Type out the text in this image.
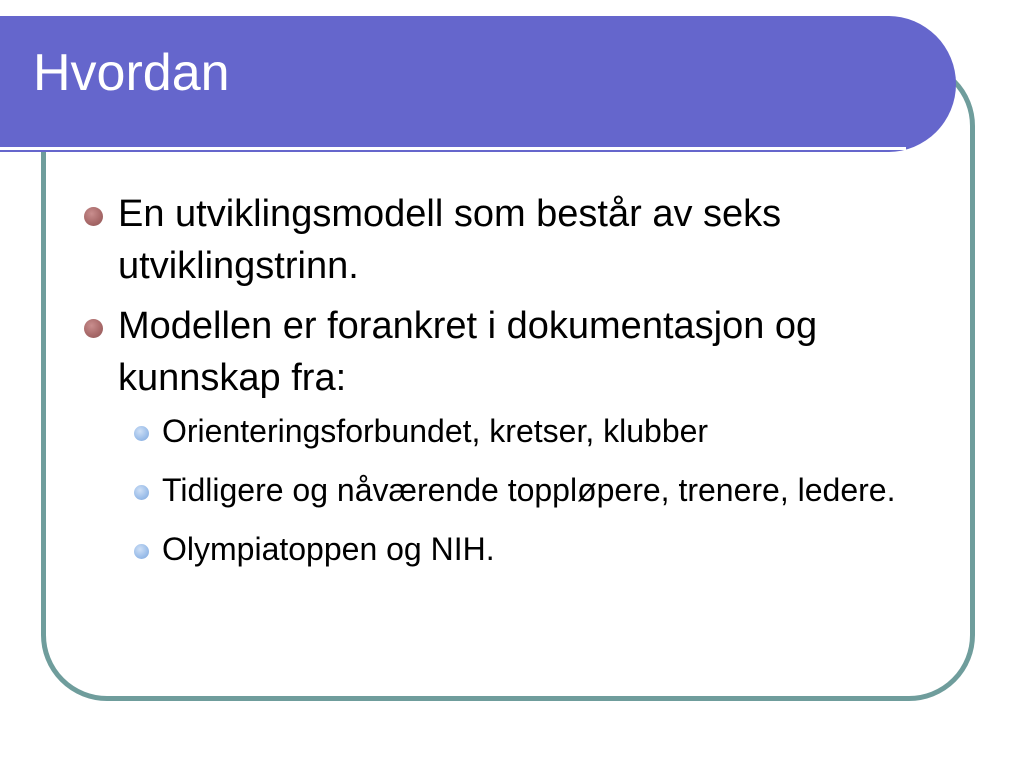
Hvordan
En utviklingsmodell som består av seks utviklingstrinn.
Modellen er forankret i dokumentasjon og kunnskap fra:
Orienteringsforbundet, kretser, klubber
Tidligere og nåværende toppløpere, trenere, ledere.
Olympiatoppen og NIH.
